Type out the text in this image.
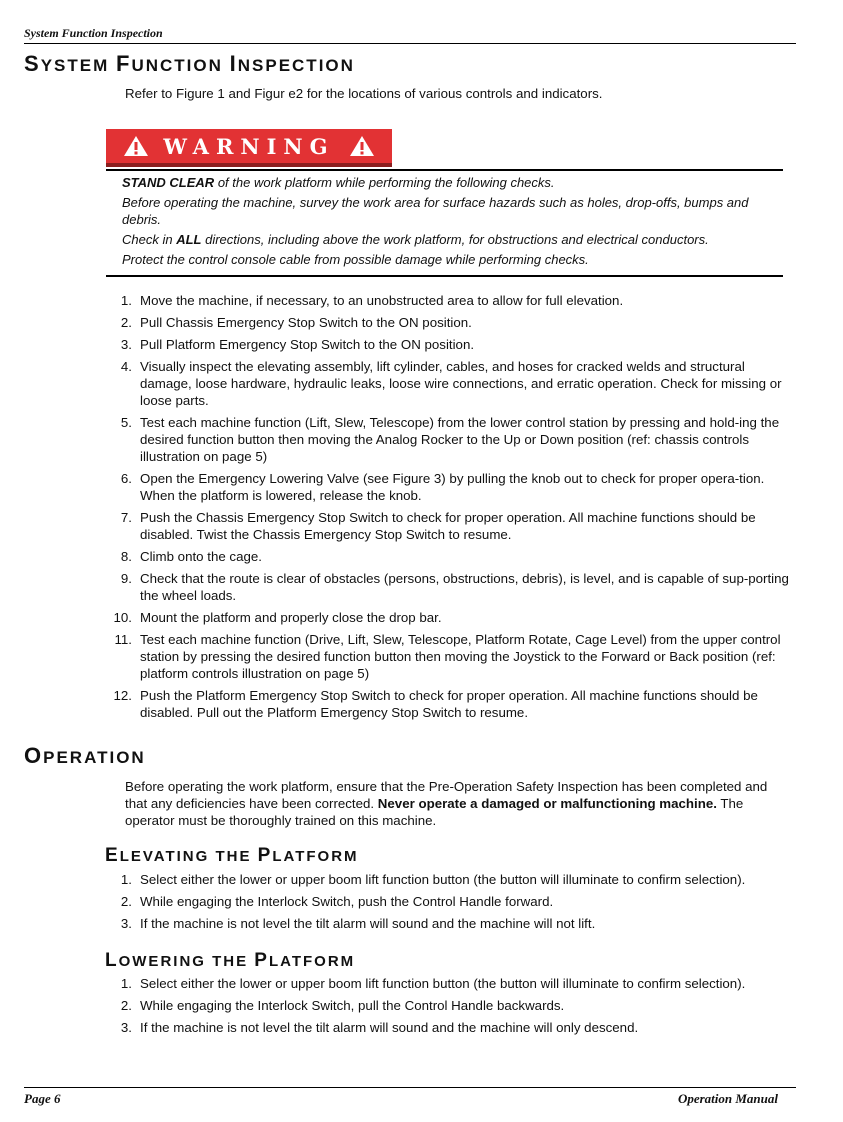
System Function Inspection
SYSTEM FUNCTION INSPECTION
Refer to Figure 1 and Figur e2 for the locations of various controls and indicators.
WARNING

STAND CLEAR of the work platform while performing the following checks.

Before operating the machine, survey the work area for surface hazards such as holes, drop-offs, bumps and debris.

Check in ALL directions, including above the work platform, for obstructions and electrical conductors.

Protect the control console cable from possible damage while performing checks.

1. Move the machine, if necessary, to an unobstructed area to allow for full elevation.
2. Pull Chassis Emergency Stop Switch to the ON position.
3. Pull Platform Emergency Stop Switch to the ON position.
4. Visually inspect the elevating assembly, lift cylinder, cables, and hoses for cracked welds and structural damage, loose hardware, hydraulic leaks, loose wire connections, and erratic operation. Check for missing or loose parts.
5. Test each machine function (Lift, Slew, Telescope) from the lower control station by pressing and hold-ing the desired function button then moving the Analog Rocker to the Up or Down position (ref: chassis controls illustration on page 5)
6. Open the Emergency Lowering Valve (see Figure 3) by pulling the knob out to check for proper opera-tion. When the platform is lowered, release the knob.
7. Push the Chassis Emergency Stop Switch to check for proper operation. All machine functions should be disabled. Twist the Chassis Emergency Stop Switch to resume.
8. Climb onto the cage.
9. Check that the route is clear of obstacles (persons, obstructions, debris), is level, and is capable of sup-porting the wheel loads.
10. Mount the platform and properly close the drop bar.
11. Test each machine function (Drive, Lift, Slew, Telescope, Platform Rotate, Cage Level) from the upper control station by pressing the desired function button then moving the Joystick to the Forward or Back position (ref: platform controls illustration on page 5)
12. Push the Platform Emergency Stop Switch to check for proper operation. All machine functions should be disabled. Pull out the Platform Emergency Stop Switch to resume.
OPERATION
Before operating the work platform, ensure that the Pre-Operation Safety Inspection has been completed and that any deficiencies have been corrected. Never operate a damaged or malfunctioning machine. The operator must be thoroughly trained on this machine.
ELEVATING THE PLATFORM
1. Select either the lower or upper boom lift function button (the button will illuminate to confirm selection).
2. While engaging the Interlock Switch, push the Control Handle forward.
3. If the machine is not level the tilt alarm will sound and the machine will not lift.
LOWERING THE PLATFORM
1. Select either the lower or upper boom lift function button (the button will illuminate to confirm selection).
2. While engaging the Interlock Switch, pull the Control Handle backwards.
3. If the machine is not level the tilt alarm will sound and the machine will only descend.
Page 6	Operation Manual
